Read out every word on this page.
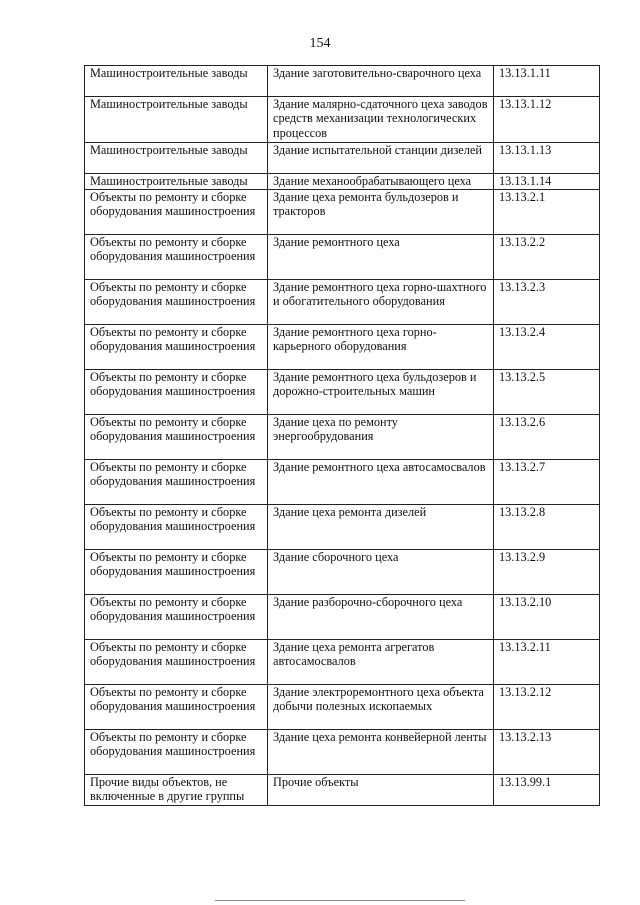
154
Машиностроительные заводы	Здание заготовительно-сварочного цеха	13.13.1.11
Машиностроительные заводы	Здание малярно-сдаточного цеха заводов средств механизации технологических процессов	13.13.1.12
Машиностроительные заводы	Здание испытательной станции дизелей	13.13.1.13
Машиностроительные заводы	Здание механообрабатывающего цеха	13.13.1.14
Объекты по ремонту и сборке оборудования машиностроения	Здание цеха ремонта бульдозеров и тракторов	13.13.2.1
Объекты по ремонту и сборке оборудования машиностроения	Здание ремонтного цеха	13.13.2.2
Объекты по ремонту и сборке оборудования машиностроения	Здание ремонтного цеха горно-шахтного и обогатительного оборудования	13.13.2.3
Объекты по ремонту и сборке оборудования машиностроения	Здание ремонтного цеха горно-карьерного оборудования	13.13.2.4
Объекты по ремонту и сборке оборудования машиностроения	Здание ремонтного цеха бульдозеров и дорожно-строительных машин	13.13.2.5
Объекты по ремонту и сборке оборудования машиностроения	Здание цеха по ремонту энергообрудования	13.13.2.6
Объекты по ремонту и сборке оборудования машиностроения	Здание ремонтного цеха автосамосвалов	13.13.2.7
Объекты по ремонту и сборке оборудования машиностроения	Здание цеха ремонта дизелей	13.13.2.8
Объекты по ремонту и сборке оборудования машиностроения	Здание сборочного цеха	13.13.2.9
Объекты по ремонту и сборке оборудования машиностроения	Здание разборочно-сборочного цеха	13.13.2.10
Объекты по ремонту и сборке оборудования машиностроения	Здание цеха ремонта агрегатов автосамосвалов	13.13.2.11
Объекты по ремонту и сборке оборудования машиностроения	Здание электроремонтного цеха объекта добычи полезных ископаемых	13.13.2.12
Объекты по ремонту и сборке оборудования машиностроения	Здание цеха ремонта конвейерной ленты	13.13.2.13
Прочие виды объектов, не включенные в другие группы	Прочие объекты	13.13.99.1
